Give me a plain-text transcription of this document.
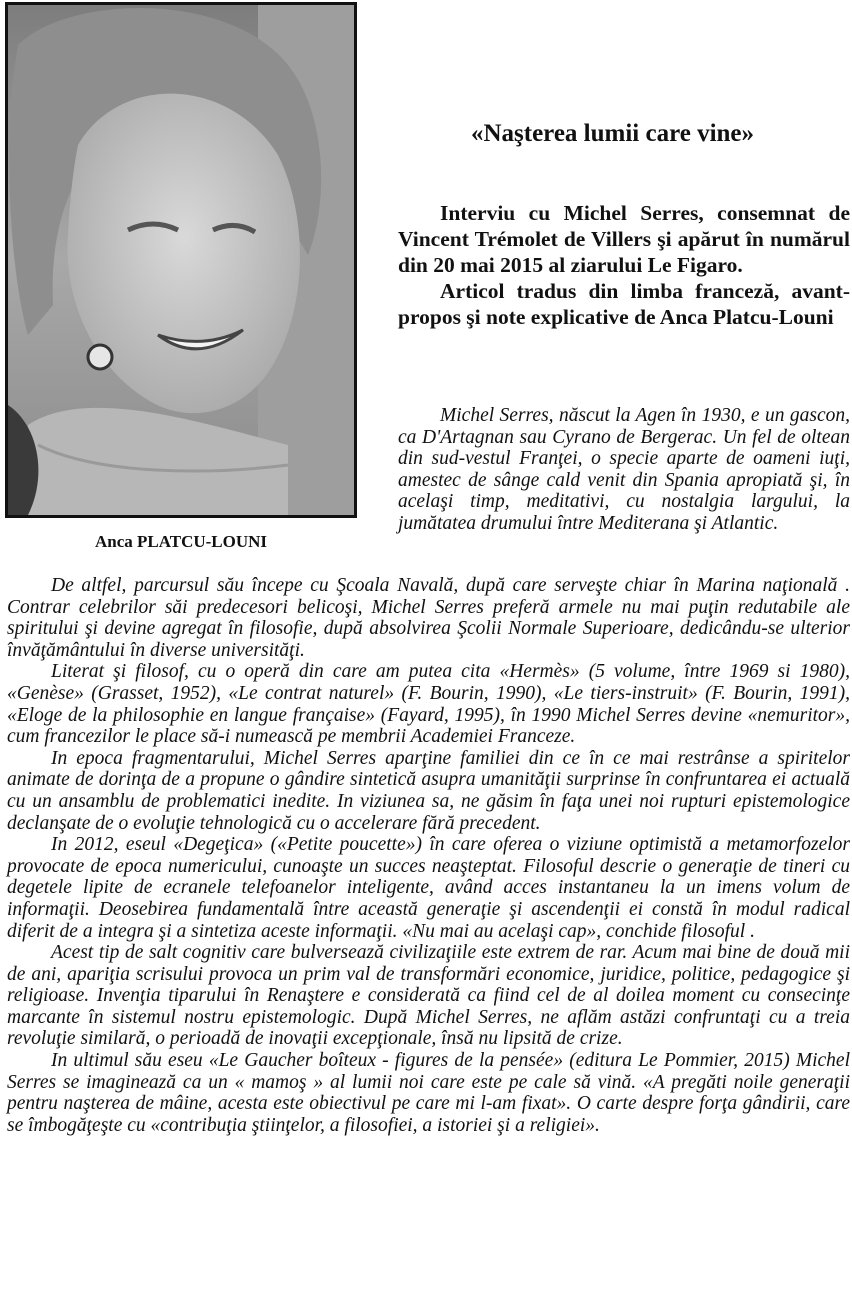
Anca PLATCU-LOUNI
«Naşterea lumii care vine»

Interviu cu Michel Serres, consemnat de Vincent Trémolet de Villers şi apărut în numărul din 20 mai 2015 al ziarului Le Figaro.

Articol tradus din limba franceză, avant-propos şi note explicative de Anca Platcu-Louni

Michel Serres, născut la Agen în 1930, e un gascon, ca D'Artagnan sau Cyrano de Bergerac. Un fel de oltean din sud-vestul Franţei, o specie aparte de oameni iuţi, amestec de sânge cald venit din Spania apropiată şi, în acelaşi timp, meditativi, cu nostalgia largului, la jumătatea drumului între Mediterana şi Atlantic.

De altfel, parcursul său începe cu Şcoala Navală, după care serveşte chiar în Marina naţională . Contrar celebrilor săi predecesori belicoşi, Michel Serres preferă armele nu mai puţin redutabile ale spiritului şi devine agregat în filosofie, după absolvirea Şcolii Normale Superioare, dedicându-se ulterior învăţământului în diverse universităţi.

Literat şi filosof, cu o operă din care am putea cita «Hermès» (5 volume, între 1969 si 1980), «Genèse» (Grasset, 1952), «Le contrat naturel» (F. Bourin, 1990), «Le tiers-instruit» (F. Bourin, 1991), «Eloge de la philosophie en langue française» (Fayard, 1995), în 1990 Michel Serres devine «nemuritor», cum francezilor le place să-i numească pe membrii Academiei Franceze.

In epoca fragmentarului, Michel Serres aparţine familiei din ce în ce mai restrânse a spiritelor animate de dorinţa de a propune o gândire sintetică asupra umanităţii surprinse în confruntarea ei actuală cu un ansamblu de problematici inedite. In viziunea sa, ne găsim în faţa unei noi rupturi epistemologice declanşate de o evoluţie tehnologică cu o accelerare fără precedent.

In 2012, eseul «Degeţica» («Petite poucette») în care oferea o viziune optimistă a metamorfozelor provocate de epoca numericului, cunoaşte un succes neaşteptat. Filosoful descrie o generaţie de tineri cu degetele lipite de ecranele telefoanelor inteligente, având acces instantaneu la un imens volum de informaţii. Deosebirea fundamentală între această generaţie şi ascendenţii ei constă în modul radical diferit de a integra şi a sintetiza aceste informaţii. «Nu mai au acelaşi cap», conchide filosoful .

Acest tip de salt cognitiv care bulversează civilizaţiile este extrem de rar. Acum mai bine de două mii de ani, apariţia scrisului provoca un prim val de transformări economice, juridice, politice, pedagogice şi religioase. Invenţia tiparului în Renaştere e considerată ca fiind cel de al doilea moment cu consecinţe marcante în sistemul nostru epistemologic. După Michel Serres, ne aflăm astăzi confruntaţi cu a treia revoluţie similară, o perioadă de inovaţii excepţionale, însă nu lipsită de crize.

In ultimul său eseu «Le Gaucher boîteux - figures de la pensée» (editura Le Pommier, 2015) Michel Serres se imaginează ca un « mamoş » al lumii noi care este pe cale să vină. «A pregăti noile generaţii pentru naşterea de mâine, acesta este obiectivul pe care mi l-am fixat». O carte despre forţa gândirii, care se îmbogăţeşte cu «contribuţia ştiinţelor, a filosofiei, a istoriei şi a religiei».
